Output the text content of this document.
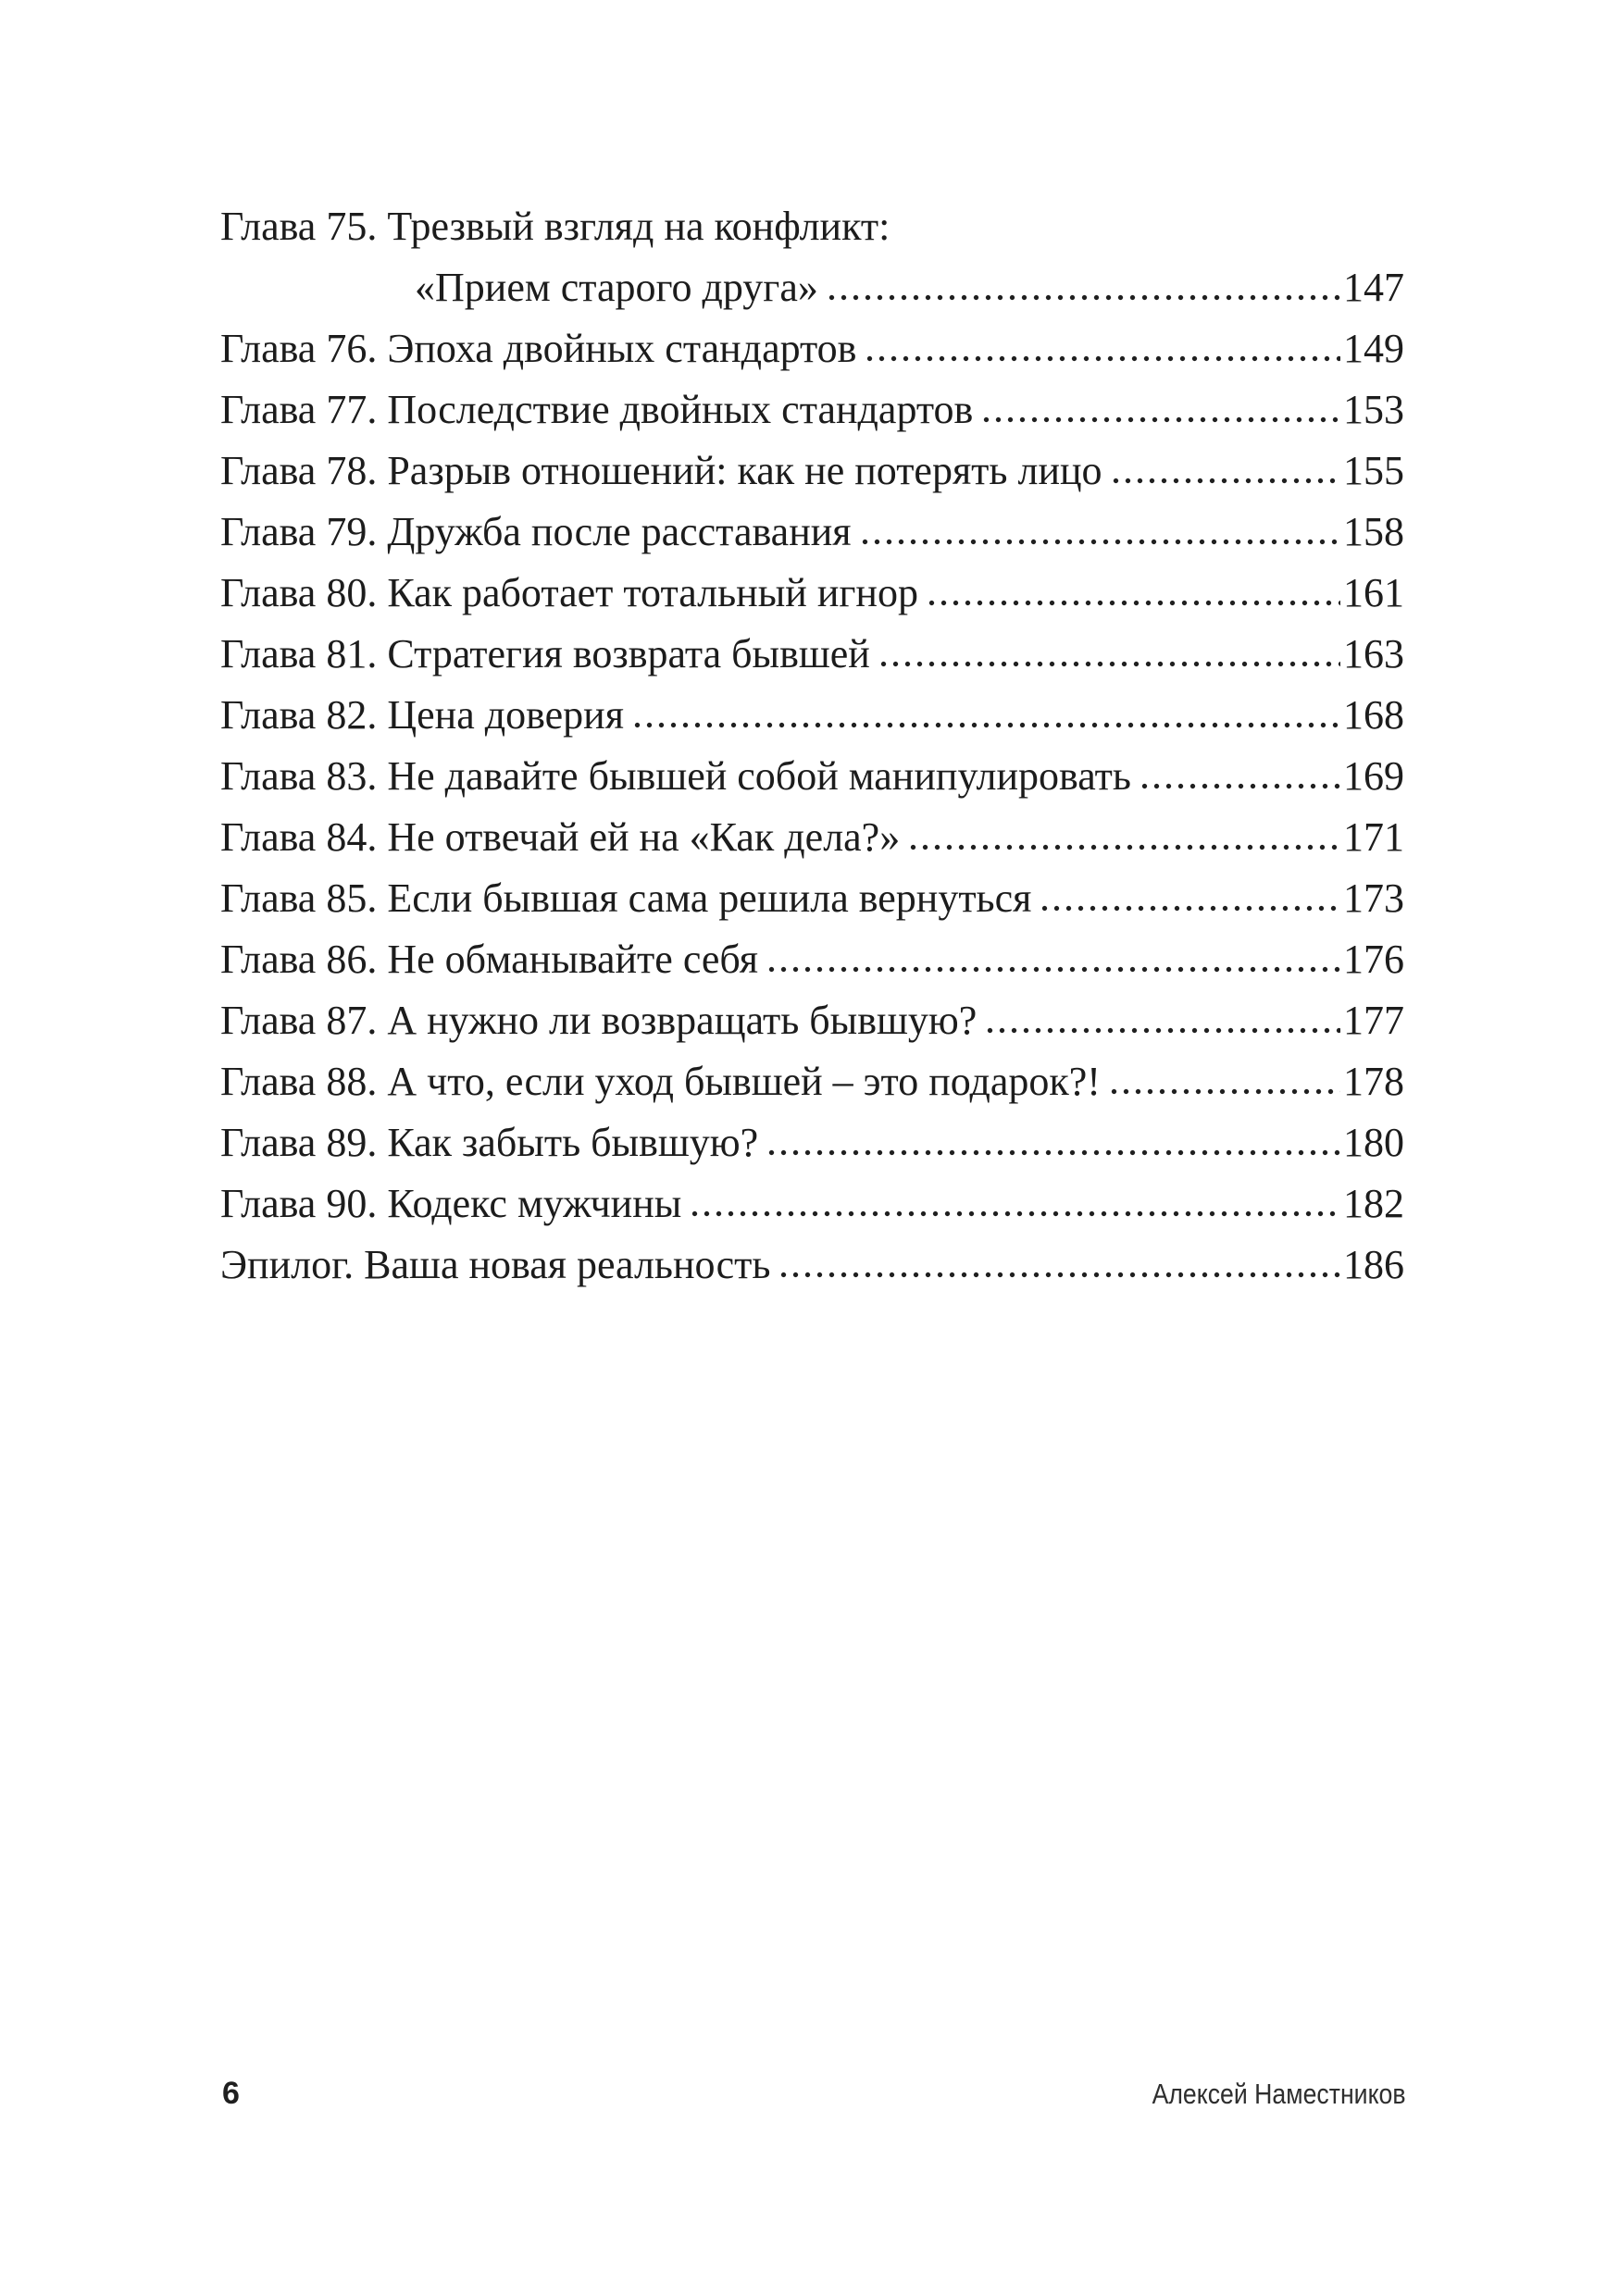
Глава 75. Трезвый взгляд на конфликт:
«Прием старого друга»	147
Глава 76. Эпоха двойных стандартов	149
Глава 77. Последствие двойных стандартов	153
Глава 78. Разрыв отношений: как не потерять лицо	155
Глава 79. Дружба после расставания	158
Глава 80. Как работает тотальный игнор	161
Глава 81. Стратегия возврата бывшей	163
Глава 82. Цена доверия	168
Глава 83. Не давайте бывшей собой манипулировать	169
Глава 84. Не отвечай ей на «Как дела?»	171
Глава 85. Если бывшая сама решила вернуться	173
Глава 86. Не обманывайте себя	176
Глава 87. А нужно ли возвращать бывшую?	177
Глава 88. А что, если уход бывшей – это подарок?!	178
Глава 89. Как забыть бывшую?	180
Глава 90. Кодекс мужчины	182
Эпилог. Ваша новая реальность	186
6	Алексей Наместников
